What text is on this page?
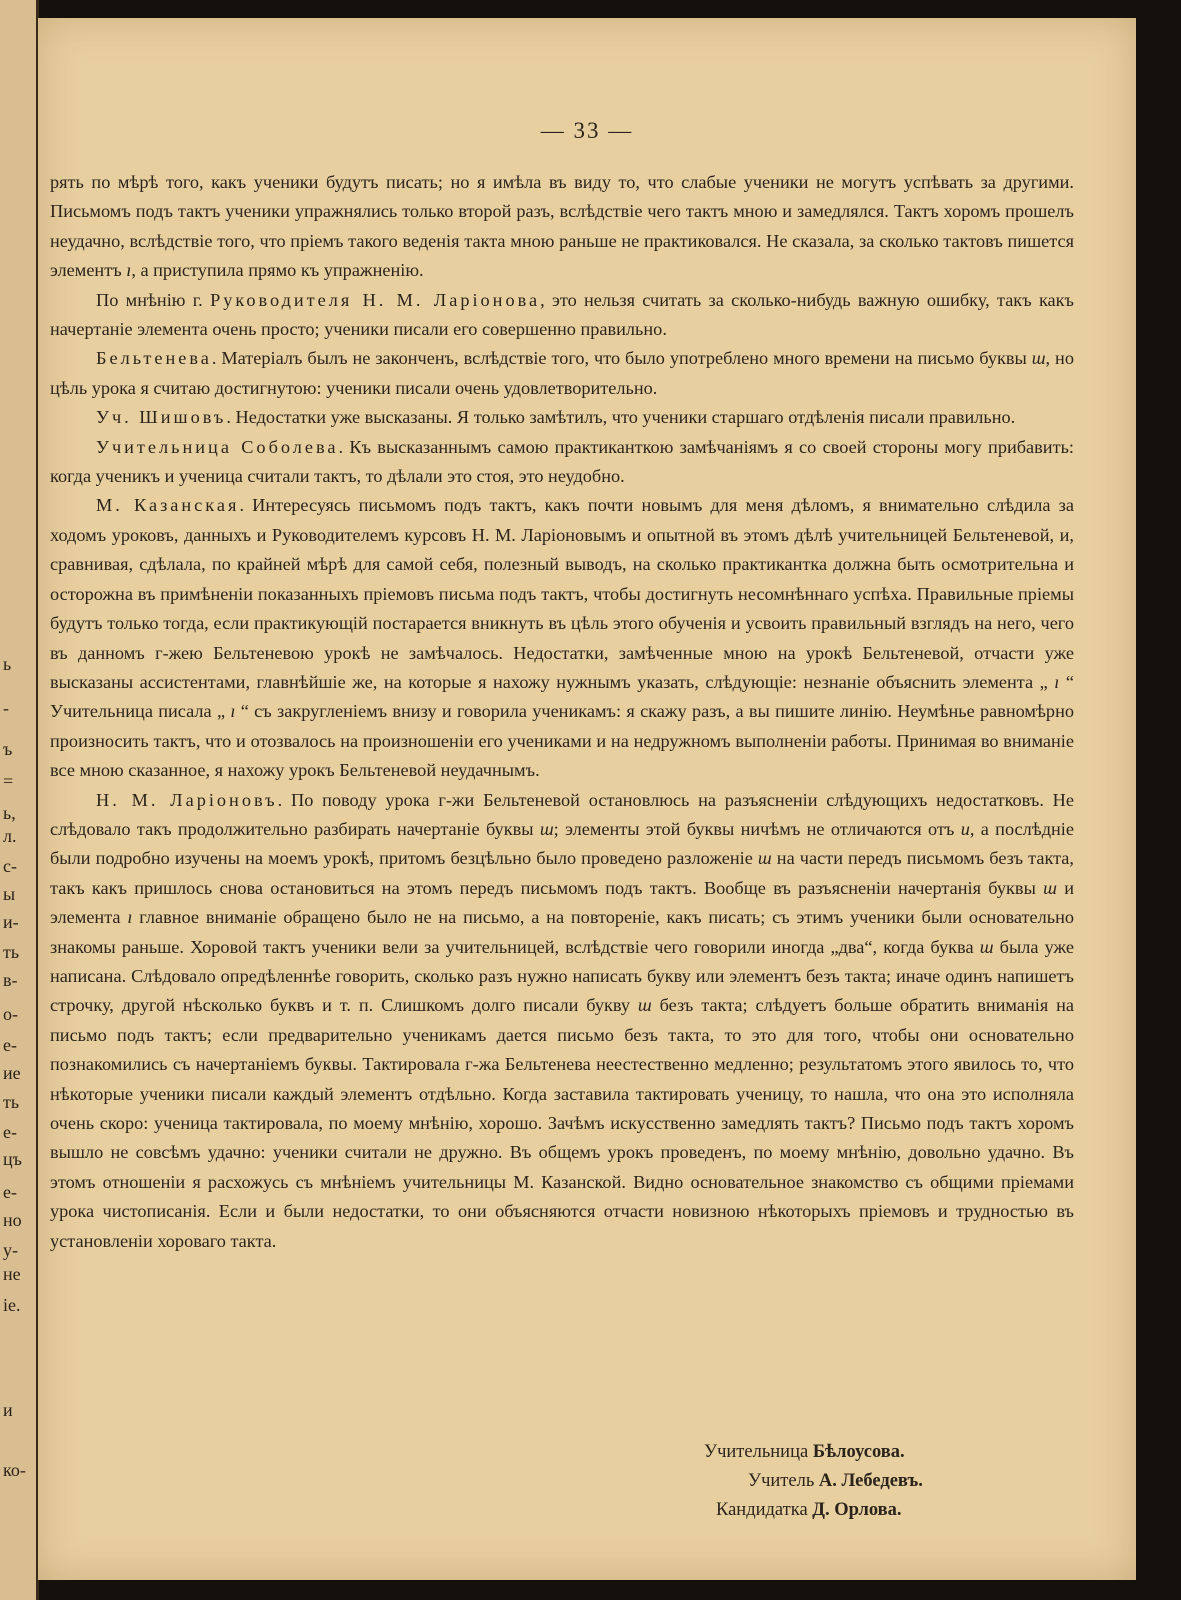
ь
-
ъ
=
ь,
л.
с-
ы
и-
ть
в-
о-
е-
ие
ть
е-
цъ
е-
но
у-
не
ie.
и
ко-
— 33 —

рять по мѣрѣ того, какъ ученики будутъ писать; но я имѣла въ виду то, что слабые ученики не могутъ успѣвать за другими. Письмомъ подъ тактъ ученики упражнялись только второй разъ, вслѣдствіе чего тактъ мною и замедлялся. Тактъ хоромъ прошелъ неудачно, вслѣдствіе того, что пріемъ такого веденія такта мною раньше не практиковался. Не сказала, за сколько тактовъ пишется элементъ ı, а приступила прямо къ упражненію.

По мнѣнію г. Руководителя Н. М. Ларіонова, это нельзя считать за сколько-нибудь важную ошибку, такъ какъ начертаніе элемента очень просто; ученики писали его совершенно правильно.

Бельтенева. Матеріалъ былъ не законченъ, вслѣдствіе того, что было употреблено много времени на письмо буквы ш, но цѣль урока я считаю достигнутою: ученики писали очень удовлетворительно.

Уч. Шишовъ. Недостатки уже высказаны. Я только замѣтилъ, что ученики старшаго отдѣленія писали правильно.

Учительница Соболева. Къ высказаннымъ самою практиканткою замѣчаніямъ я со своей стороны могу прибавить: когда ученикъ и ученица считали тактъ, то дѣлали это стоя, это неудобно.

М. Казанская. Интересуясь письмомъ подъ тактъ, какъ почти новымъ для меня дѣломъ, я внимательно слѣдила за ходомъ уроковъ, данныхъ и Руководителемъ курсовъ Н. М. Ларіоновымъ и опытной въ этомъ дѣлѣ учительницей Бельтеневой, и, сравнивая, сдѣлала, по крайней мѣрѣ для самой себя, полезный выводъ, на сколько практикантка должна быть осмотрительна и осторожна въ примѣненіи показанныхъ пріемовъ письма подъ тактъ, чтобы достигнуть несомнѣннаго успѣха. Правильные пріемы будутъ только тогда, если практикующій постарается вникнуть въ цѣль этого обученія и усвоить правильный взглядъ на него, чего въ данномъ г-жею Бельтеневою урокѣ не замѣчалось. Недостатки, замѣченные мною на урокѣ Бельтеневой, отчасти уже высказаны ассистентами, главнѣйшіе же, на которые я нахожу нужнымъ указать, слѣдующіе: незнаніе объяснить элемента „ ı “ Учительница писала „ ı “ съ закругленіемъ внизу и говорила ученикамъ: я скажу разъ, а вы пишите линію. Неумѣнье равномѣрно произносить тактъ, что и отозвалось на произношеніи его учениками и на недружномъ выполненіи работы. Принимая во вниманіе все мною сказанное, я нахожу урокъ Бельтеневой неудачнымъ.

Н. М. Ларіоновъ. По поводу урока г-жи Бельтеневой остановлюсь на разъясненіи слѣдующихъ недостатковъ. Не слѣдовало такъ продолжительно разбирать начертаніе буквы ш; элементы этой буквы ничѣмъ не отличаются отъ и, а послѣдніе были подробно изучены на моемъ урокѣ, притомъ безцѣльно было проведено разложеніе ш на части передъ письмомъ безъ такта, такъ какъ пришлось снова остановиться на этомъ передъ письмомъ подъ тактъ. Вообще въ разъясненіи начертанія буквы ш и элемента ı главное вниманіе обращено было не на письмо, а на повтореніе, какъ писать; съ этимъ ученики были основательно знакомы раньше. Хоровой тактъ ученики вели за учительницей, вслѣдствіе чего говорили иногда „два“, когда буква ш была уже написана. Слѣдовало опредѣленнѣе говорить, сколько разъ нужно написать букву или элементъ безъ такта; иначе одинъ напишетъ строчку, другой нѣсколько буквъ и т. п. Слишкомъ долго писали букву ш безъ такта; слѣдуетъ больше обратить вниманія на письмо подъ тактъ; если предварительно ученикамъ дается письмо безъ такта, то это для того, чтобы они основательно познакомились съ начертаніемъ буквы. Тактировала г-жа Бельтенева неестественно медленно; результатомъ этого явилось то, что нѣкоторые ученики писали каждый элементъ отдѣльно. Когда заставила тактировать ученицу, то нашла, что она это исполняла очень скоро: ученица тактировала, по моему мнѣнію, хорошо. Зачѣмъ искусственно замедлять тактъ? Письмо подъ тактъ хоромъ вышло не совсѣмъ удачно: ученики считали не дружно. Въ общемъ урокъ проведенъ, по моему мнѣнію, довольно удачно. Въ этомъ отношеніи я расхожусь съ мнѣніемъ учительницы М. Казанской. Видно основательное знакомство съ общими пріемами урока чистописанія. Если и были недостатки, то они объясняются отчасти новизною нѣкоторыхъ пріемовъ и трудностью въ установленіи хороваго такта.

Учительница Бѣлоусова.
Учитель А. Лебедевъ.
Кандидатка Д. Орлова.
